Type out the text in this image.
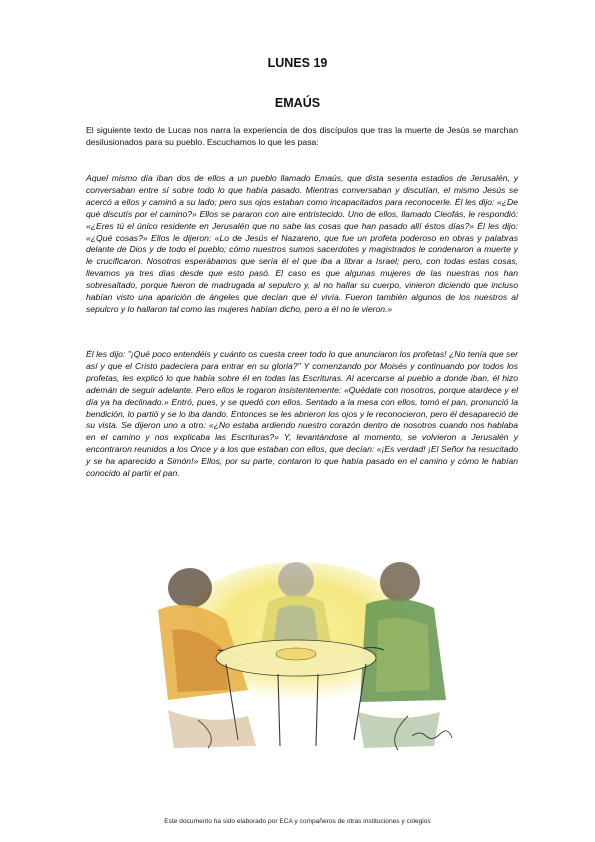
LUNES 19
EMAÚS

El siguiente texto de Lucas nos narra la experiencia de dos discípulos que tras la muerte de Jesús se marchan desilusionados para su pueblo. Escuchamos lo que les pasa:

Aquel mismo día iban dos de ellos a un pueblo llamado Emaús, que dista sesenta estadios de Jerusalén, y conversaban entre sí sobre todo lo que había pasado. Mientras conversaban y discutían, el mismo Jesús se acercó a ellos y caminó a su lado; pero sus ojos estaban como incapacitados para reconocerle. Él les dijo: «¿De qué discutís por el camino?» Ellos se pararon con aire entristecido. Uno de ellos, llamado Cleofás, le respondió: «¿Eres tú el único residente en Jerusalén que no sabe las cosas que han pasado allí éstos días?» Él les dijo: «¿Qué cosas?» Ellos le dijeron: «Lo de Jesús el Nazareno, que fue un profeta poderoso en obras y palabras delante de Dios y de todo el pueblo; cómo nuestros sumos sacerdotes y magistrados le condenaron a muerte y le crucificaron. Nosotros esperábamos que sería él el que iba a librar a Israel; pero, con todas estas cosas, llevamos ya tres días desde que esto pasó. El caso es que algunas mujeres de las nuestras nos han sobresaltado, porque fueron de madrugada al sepulcro y, al no hallar su cuerpo, vinieron diciendo que incluso habían visto una aparición de ángeles que decían que él vivía. Fueron también algunos de los nuestros al sepulcro y lo hallaron tal como las mujeres habían dicho, pero a él no le vieron.»

Él les dijo: "¡Qué poco entendéis y cuánto os cuesta creer todo lo que anunciaron los profetas! ¿No tenía que ser así y que el Cristo padeciera para entrar en su gloria?" Y comenzando por Moisés y continuando por todos los profetas, les explicó lo que había sobre él en todas las Escrituras. Al acercarse al pueblo a donde iban, él hizo ademán de seguir adelante. Pero ellos le rogaron insistentemente: «Quédate con nosotros, porque atardece y el día ya ha declinado.» Entró, pues, y se quedó con ellos. Sentado a la mesa con ellos, tomó el pan, pronunció la bendición, lo partió y se lo iba dando. Entonces se les abrieron los ojos y le reconocieron, pero él desapareció de su vista. Se dijeron uno a otro: «¿No estaba ardiendo nuestro corazón dentro de nosotros cuando nos hablaba en el camino y nos explicaba las Escrituras?» Y, levantándose al momento, se volvieron a Jerusalén y encontraron reunidos a los Once y a los que estaban con ellos, que decían: «¡Es verdad! ¡El Señor ha resucitado y se ha aparecido a Simón!» Ellos, por su parte, contaron lo que había pasado en el camino y cómo le habían conocido al partir el pan.

Este documento ha sido elaborado por ECA y compañeros de otras instituciones y colegios
